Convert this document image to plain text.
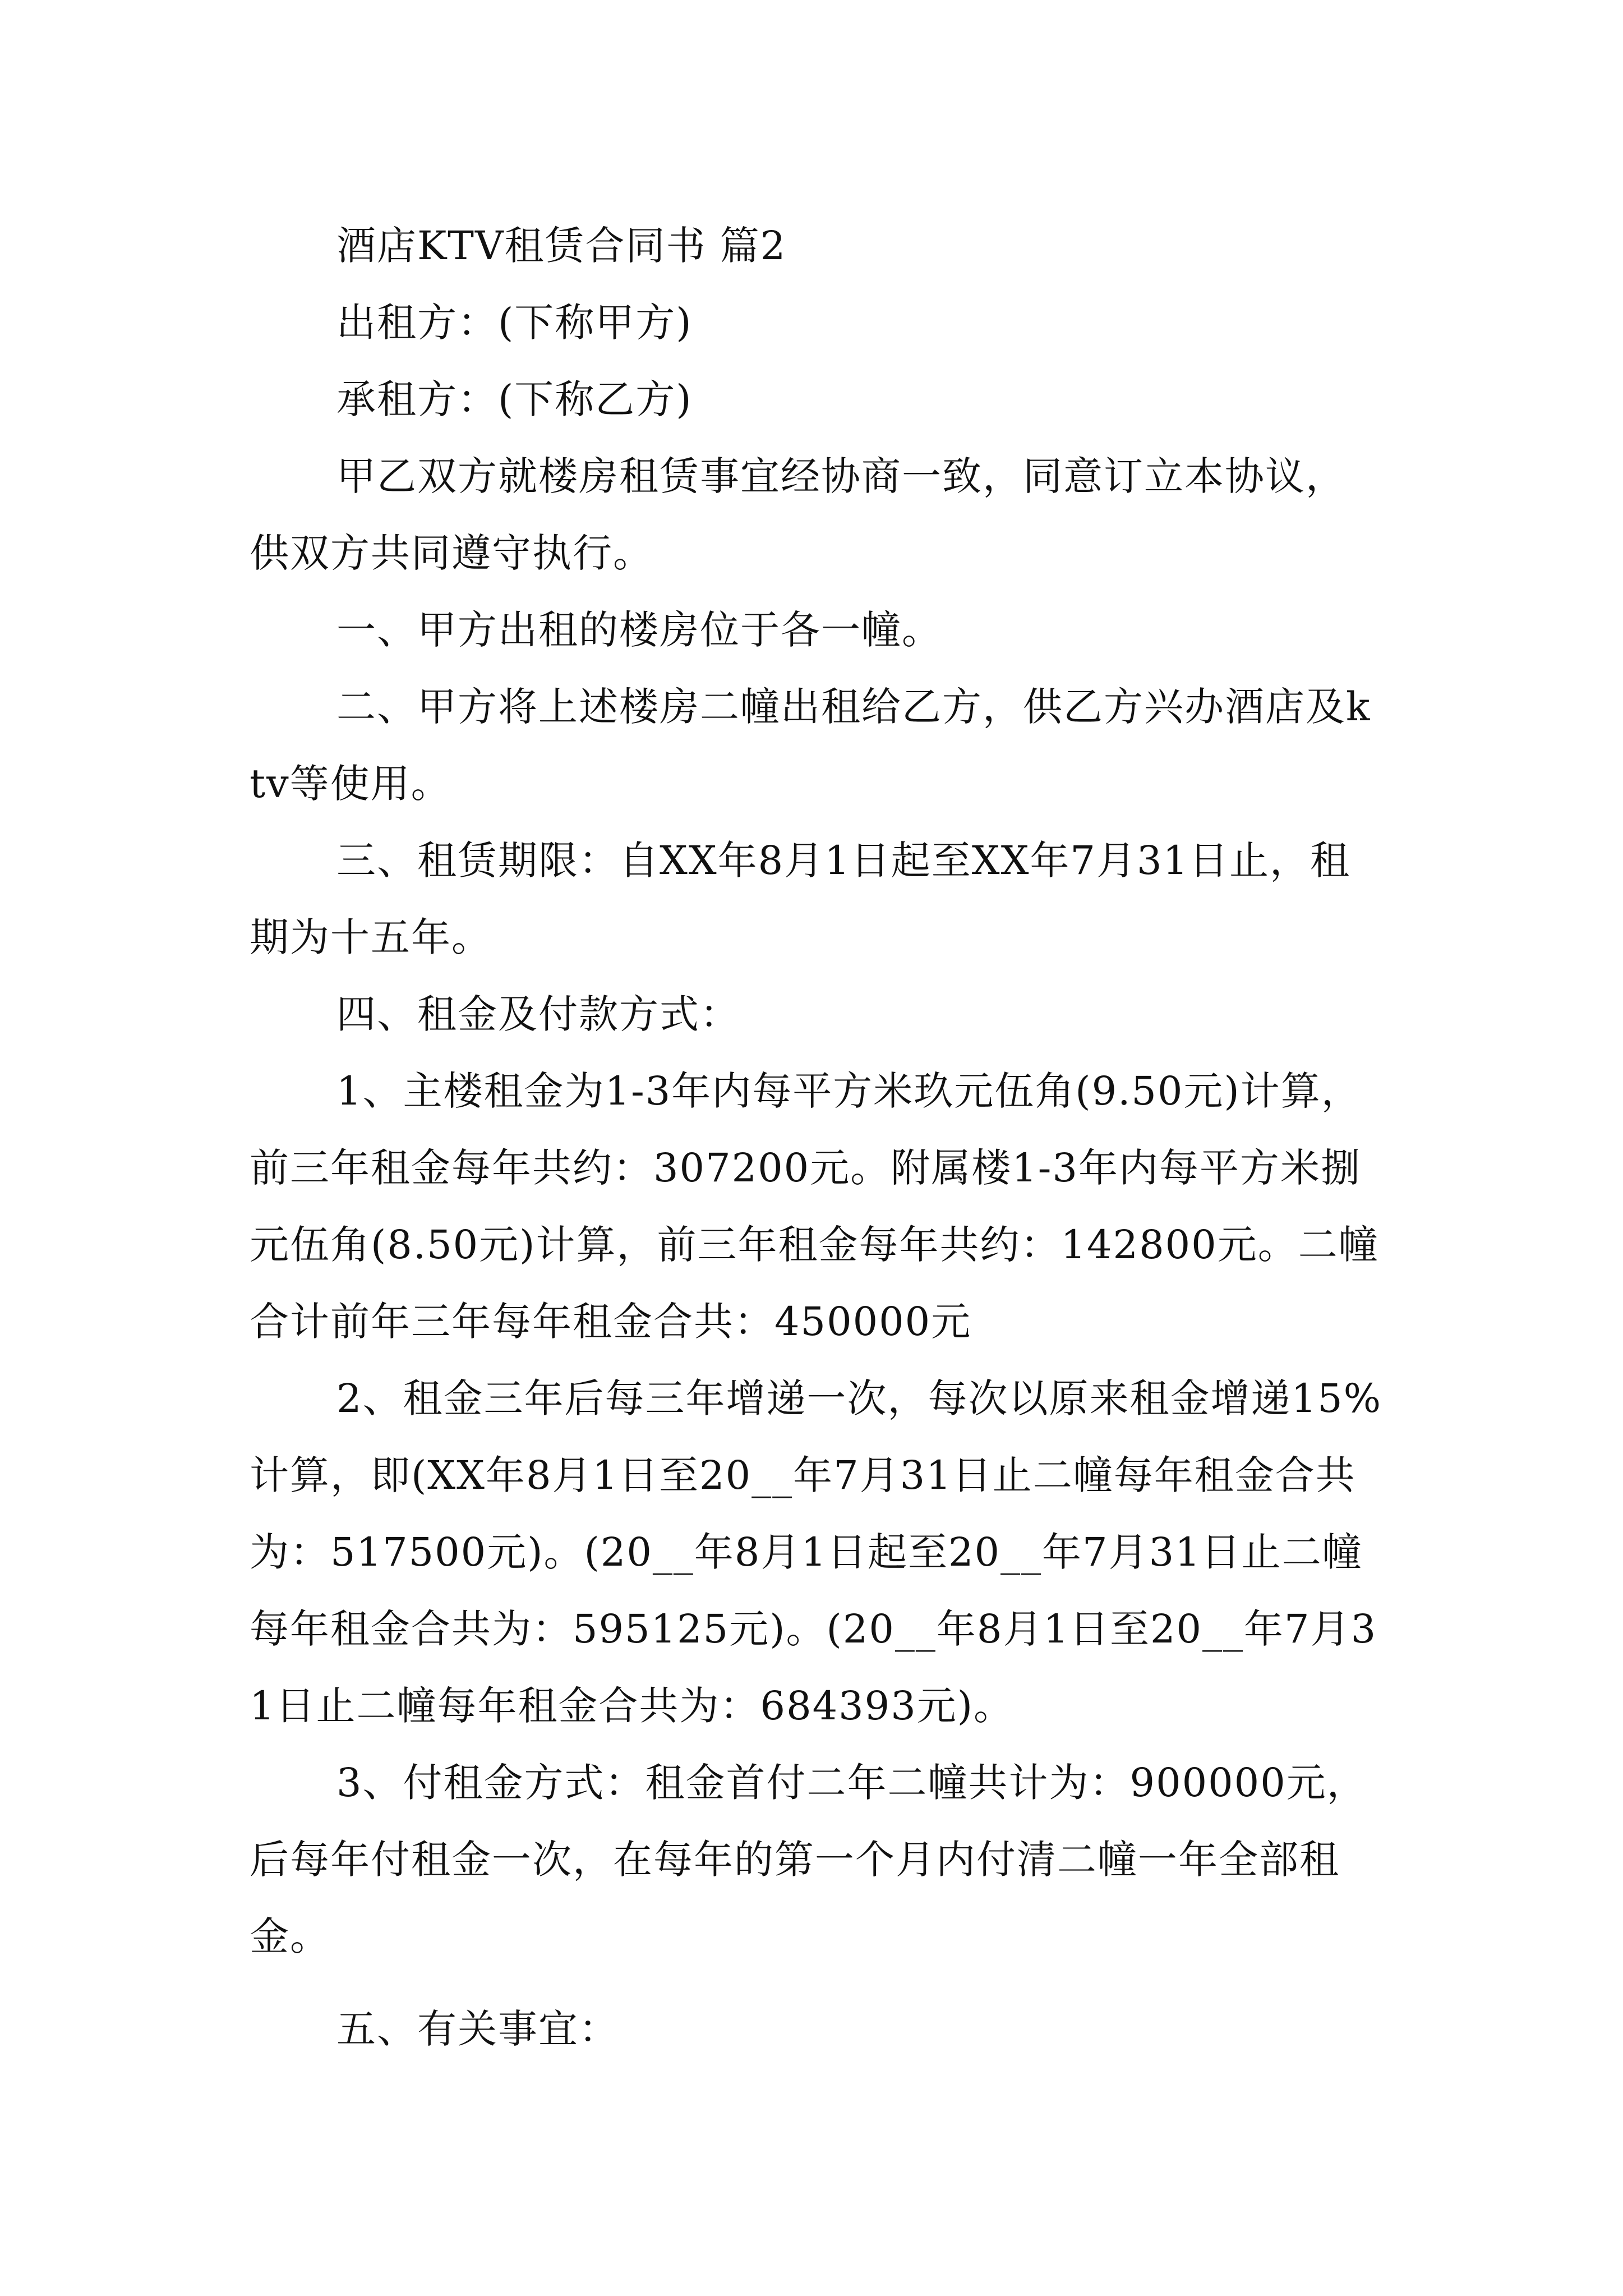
酒店KTV租赁合同书 篇2

出租方：(下称甲方)

承租方：(下称乙方)

甲乙双方就楼房租赁事宜经协商一致，同意订立本协议，供双方共同遵守执行。

一、甲方出租的楼房位于各一幢。

二、甲方将上述楼房二幢出租给乙方，供乙方兴办酒店及ktv等使用。

三、租赁期限：自XX年8月1日起至XX年7月31日止，租期为十五年。

四、租金及付款方式：

1、主楼租金为1-3年内每平方米玖元伍角(9.50元)计算，前三年租金每年共约：307200元。附属楼1-3年内每平方米捌元伍角(8.50元)计算，前三年租金每年共约：142800元。二幢合计前年三年每年租金合共：450000元

2、租金三年后每三年增递一次，每次以原来租金增递15%计算，即(XX年8月1日至20__年7月31日止二幢每年租金合共为：517500元)。(20__年8月1日起至20__年7月31日止二幢每年租金合共为：595125元)。(20__年8月1日至20__年7月31日止二幢每年租金合共为：684393元)。

3、付租金方式：租金首付二年二幢共计为：900000元，后每年付租金一次，在每年的第一个月内付清二幢一年全部租金。

五、有关事宜：
